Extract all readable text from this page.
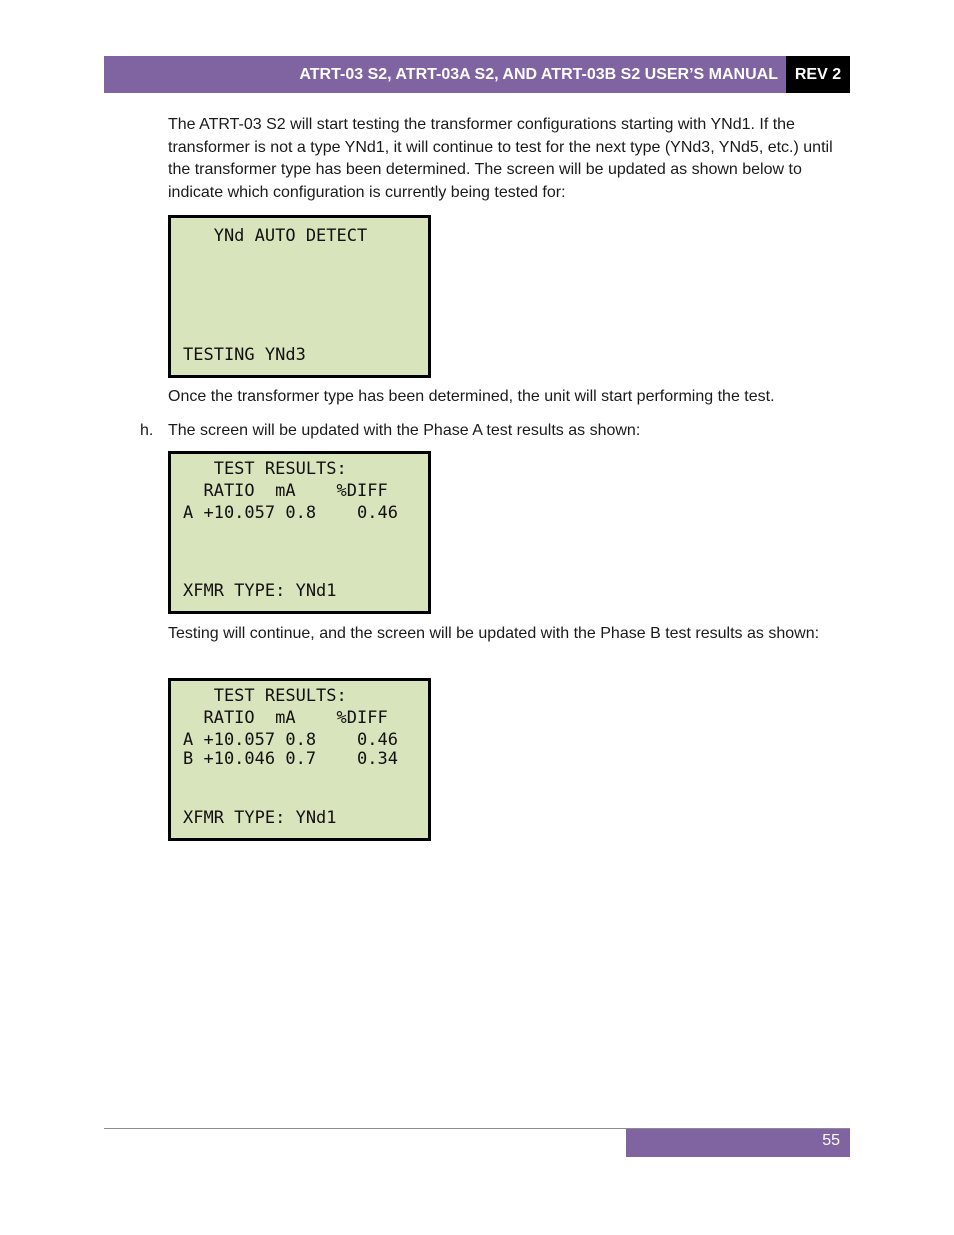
ATRT-03 S2, ATRT-03A S2, AND ATRT-03B S2 USER’S MANUAL	REV 2

The ATRT-03 S2 will start testing the transformer configurations starting with YNd1. If the transformer is not a type YNd1, it will continue to test for the next type (YNd3, YNd5, etc.) until the transformer type has been determined. The screen will be updated as shown below to indicate which configuration is currently being tested for:

YNd AUTO DETECT
TESTING YNd3

Once the transformer type has been determined, the unit will start performing the test.

h. The screen will be updated with the Phase A test results as shown:

TEST RESULTS:
RATIO  mA    %DIFF
A +10.057 0.8    0.46
XFMR TYPE: YNd1

Testing will continue, and the screen will be updated with the Phase B test results as shown:

TEST RESULTS:
RATIO  mA    %DIFF
A +10.057 0.8    0.46
B +10.046 0.7    0.34
XFMR TYPE: YNd1
55
